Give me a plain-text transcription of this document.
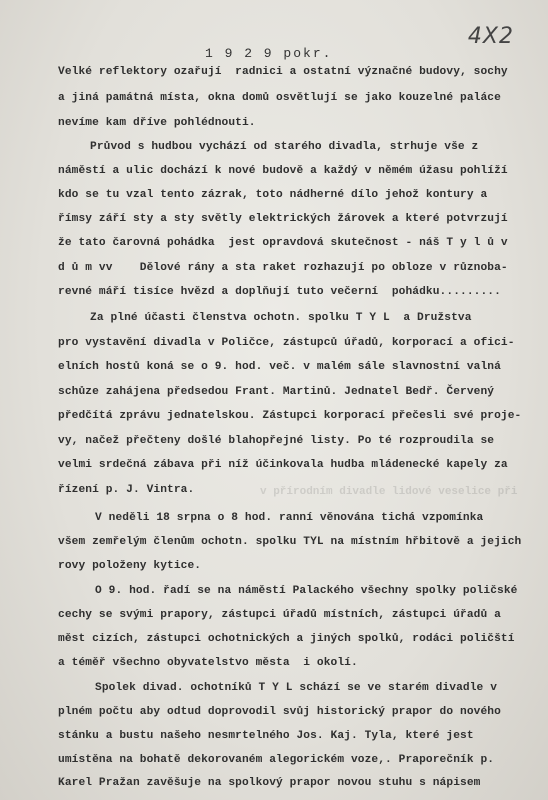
4X2
1 9 2 9 pokr.
v přírodním divadle lidové veselice při
Velké reflektory ozařují  radnici a ostatní význačné budovy, sochy
a jiná památná místa, okna domů osvětlují se jako kouzelné paláce
nevíme kam dříve pohlédnouti.
Průvod s hudbou vychází od starého divadla, strhuje vše z
náměstí a ulic dochází k nové budově a každý v němém úžasu pohlíží
kdo se tu vzal tento zázrak, toto nádherné dílo jehož kontury a
římsy září sty a sty světly elektrických žárovek a které potvrzují
že tato čarovná pohádka  jest opravdová skutečnost - náš T y l ů v
d ů m vv    Dělové rány a sta raket rozhazují po obloze v různoba-
revné máří tisíce hvězd a doplňují tuto večerní  pohádku.........
Za plné účasti členstva ochotn. spolku T Y L  a Družstva
pro vystavění divadla v Poličce, zástupců úřadů, korporací a ofici-
elních hostů koná se o 9. hod. več. v malém sále slavnostní valná
schůze zahájena předsedou Frant. Martinů. Jednatel Bedř. Červený
předčítá zprávu jednatelskou. Zástupci korporací přečesli své proje-
vy, načež přečteny došlé blahopřejné listy. Po té rozproudila se
velmi srdečná zábava při níž účinkovala hudba mládenecké kapely za
řízení p. J. Vintra.
V neděli 18 srpna o 8 hod. ranní věnována tichá vzpomínka
všem zemřelým členům ochotn. spolku TYL na místním hřbitově a jejich
rovy položeny kytice.
O 9. hod. řadí se na náměstí Palackého všechny spolky poličské
cechy se svými prapory, zástupci úřadů místních, zástupci úřadů a
měst cizích, zástupci ochotnických a jiných spolků, rodáci poličští
a téměř všechno obyvatelstvo města  i okolí.
Spolek divad. ochotníků T Y L schází se ve starém divadle v
plném počtu aby odtud doprovodil svůj historický prapor do nového
stánku a bustu našeho nesmrtelného Jos. Kaj. Tyla, které jest
umístěna na bohatě dekorovaném alegorickém voze,. Praporečník p.
Karel Pražan zavěšuje na spolkový prapor novou stuhu s nápisem
